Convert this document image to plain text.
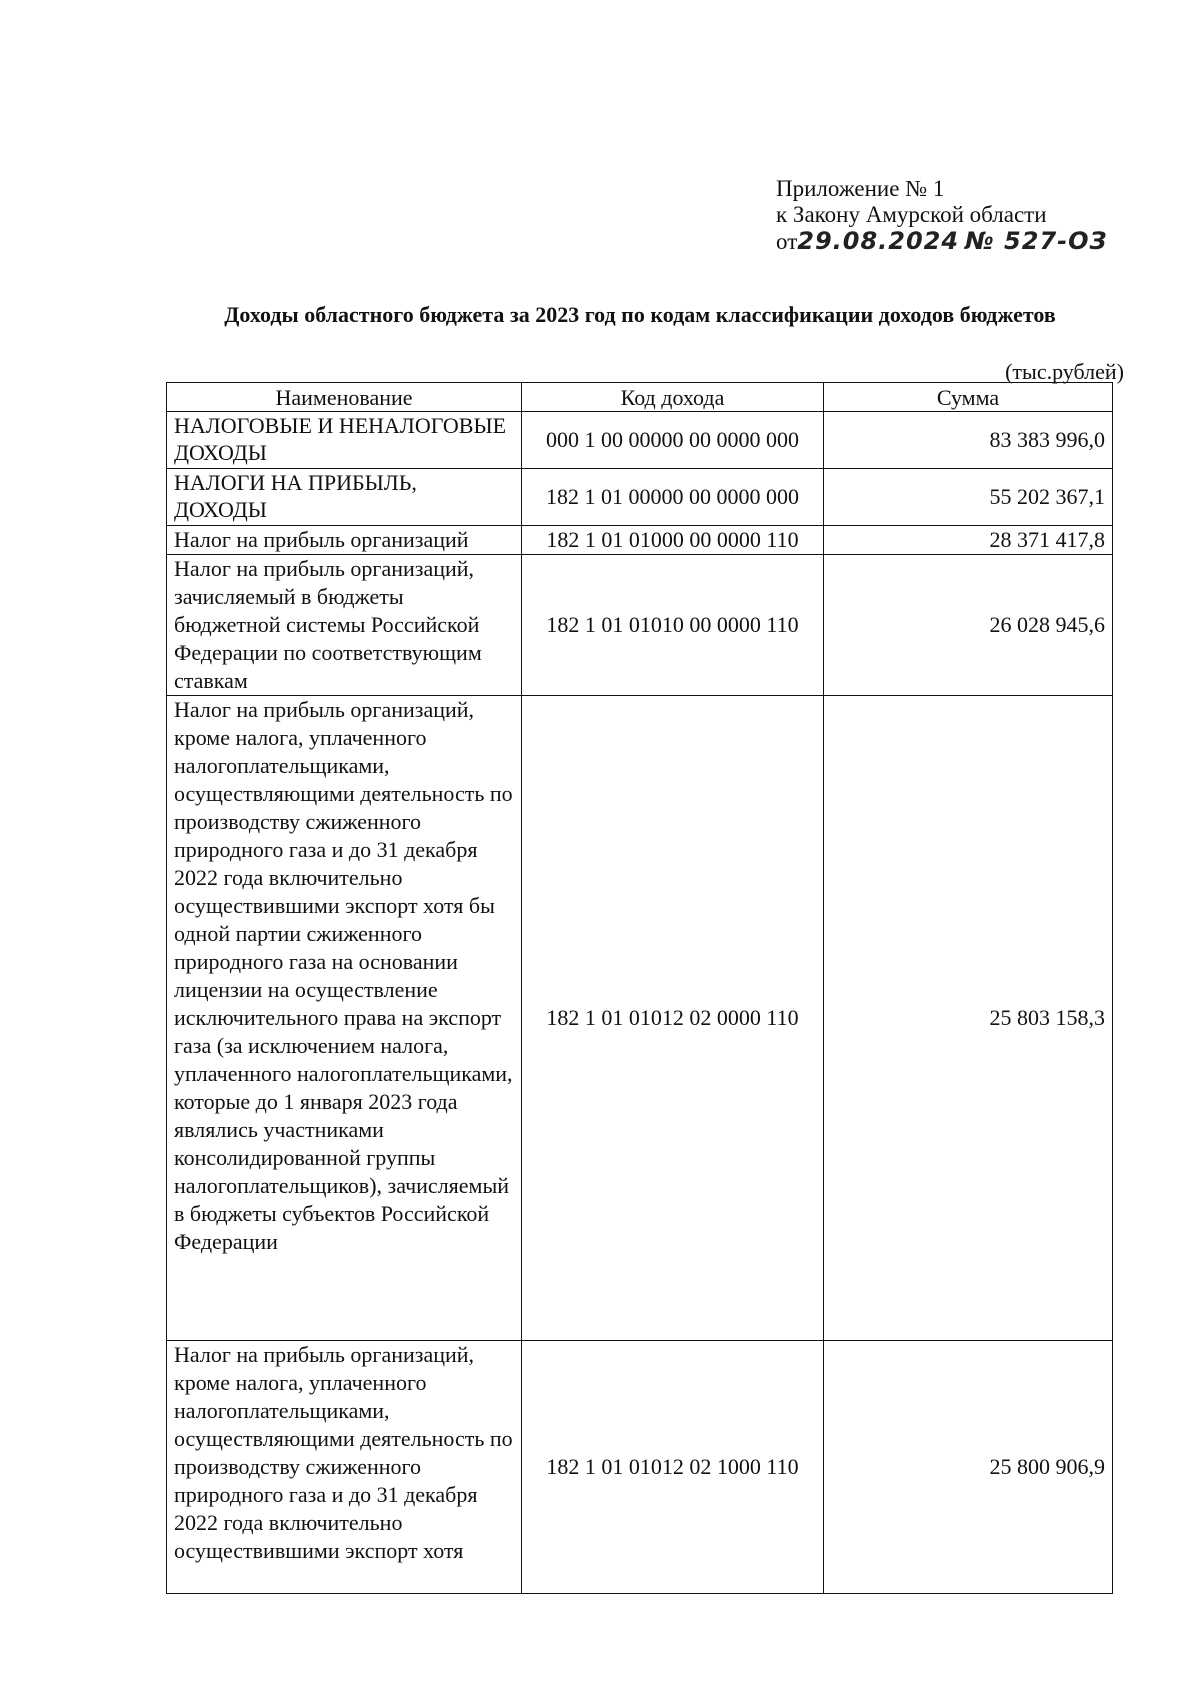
Приложение № 1
к Закону Амурской области
от29.08.2024 № 527-ОЗ
Доходы областного бюджета за 2023 год по кодам классификации доходов бюджетов
(тыс.рублей)
Наименование	Код дохода	Сумма
НАЛОГОВЫЕ И НЕНАЛОГОВЫЕ ДОХОДЫ	000 1 00 00000 00 0000 000	83 383 996,0
НАЛОГИ НА ПРИБЫЛЬ, ДОХОДЫ	182 1 01 00000 00 0000 000	55 202 367,1
Налог на прибыль организаций	182 1 01 01000 00 0000 110	28 371 417,8
Налог на прибыль организаций, зачисляемый в бюджеты бюджетной системы Российской Федерации по соответствующим ставкам	182 1 01 01010 00 0000 110	26 028 945,6
Налог на прибыль организаций, кроме налога, уплаченного налогоплательщиками, осуществляющими деятельность по производству сжиженного природного газа и до 31 декабря 2022 года включительно осуществившими экспорт хотя бы одной партии сжиженного природного газа на основании лицензии на осуществление исключительного права на экспорт газа (за исключением налога, уплаченного налогоплательщиками, которые до 1 января 2023 года являлись участниками консолидированной группы налогоплательщиков), зачисляемый в бюджеты субъектов Российской Федерации	182 1 01 01012 02 0000 110	25 803 158,3
Налог на прибыль организаций, кроме налога, уплаченного налогоплательщиками, осуществляющими деятельность по производству сжиженного природного газа и до 31 декабря 2022 года включительно осуществившими экспорт хотя	182 1 01 01012 02 1000 110	25 800 906,9
